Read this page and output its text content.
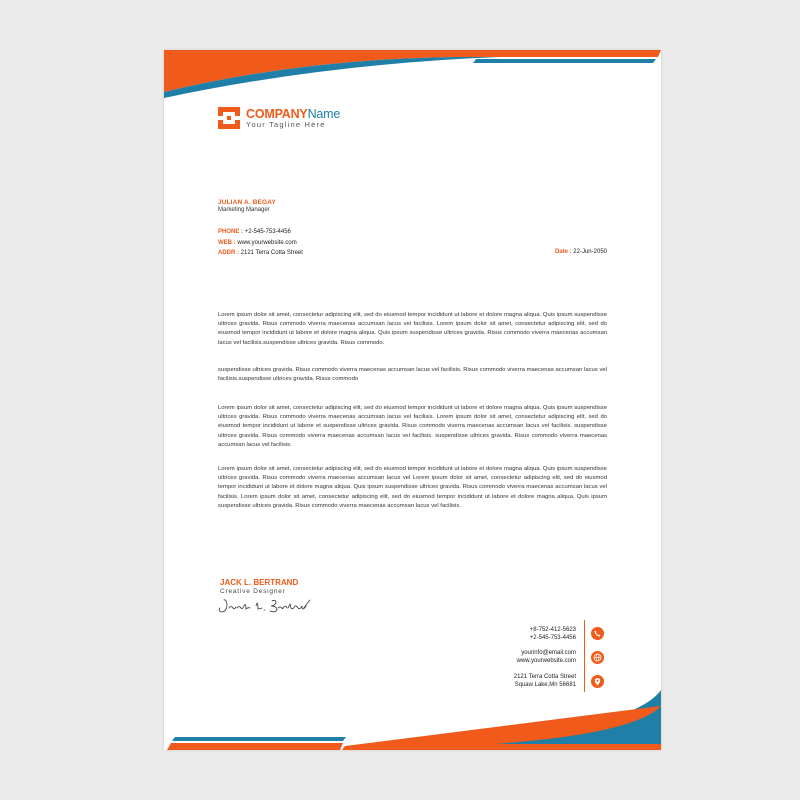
COMPANYName
Your Tagline Here
JULIAN A. BEGAY
Marketing Manager
PHONE : +2-545-753-4456
WEB : www.yourwebsite.com
ADDR : 2121 Terra Cotta Street	Date : 22-Jun-2050

Lorem ipsum dolor sit amet, consectetur adipiscing elit, sed do eiusmod tempor incididunt ut labore et dolore magna aliqua. Quis ipsum suspendisse ultrices gravida. Risus commodo viverra maecenas accumsan lacus vel facilisis. Lorem ipsum dolor sit amet, consectetur adipiscing elit, sed do eiusmod tempor incididunt ut labore et dolore magna aliqua. Quis ipsum suspendisse ultrices gravida. Risus commodo viverra maecenas accumsan lacus vel facilisis.suspendisse ultrices gravida. Risus commodo.

suspendisse ultrices gravida. Risus commodo viverra maecenas accumsan lacus vel facilisis. Risus commodo viverra maecenas accumsan lacus vel facilisis.suspendisse ultrices gravida. Risus commodo

Lorem ipsum dolor sit amet, consectetur adipiscing elit, sed do eiusmod tempor incididunt ut labore et dolore magna aliqua. Quis ipsum suspendisse ultrices gravida. Risus commodo viverra maecenas accumsan lacus vel facilisis. Lorem ipsum dolor sit amet, consectetur adipiscing elit, sed do eiusmod tempor incididunt ut labore et suspendisse ultrices gravida. Risus commodo viverra maecenas accumsan lacus vel facilisis. suspendisse ultrices gravida. Risus commodo viverra maecenas accumsan lacus vel facilisis. suspendisse ultrices gravida. Risus commodo viverra maecenas accumsan lacus vel facilisis.

Lorem ipsum dolor sit amet, consectetur adipiscing elit, sed do eiusmod tempor incididunt ut labore et dolore magna aliqua. Quis ipsum suspendisse ultrices gravida. Risus commodo viverra maecenas accumsan lacus vel Lorem ipsum dolor sit amet, consectetur adipiscing elit, sed do eiusmod tempor incididunt ut labore et dolore magna aliqua. Quis ipsum suspendisse ultrices gravida. Risus commodo viverra maecenas accumsan lacus vel facilisis. Lorem ipsum dolor sit amet, consectetur adipiscing elit, sed do eiusmod tempor incididunt ut labore et dolore magna aliqua. Quis ipsum suspendisse ultrices gravida. Risus commodo viverra maecenas accumsan lacus vel facilisis.

JACK L. BERTRAND
Creative Designer
+8-752-412-5623
+2-545-753-4456
yourinfo@email.com
www.yourwebsite.com
2121 Terra Cotta Street
Squaw Lake,Mn 56681
